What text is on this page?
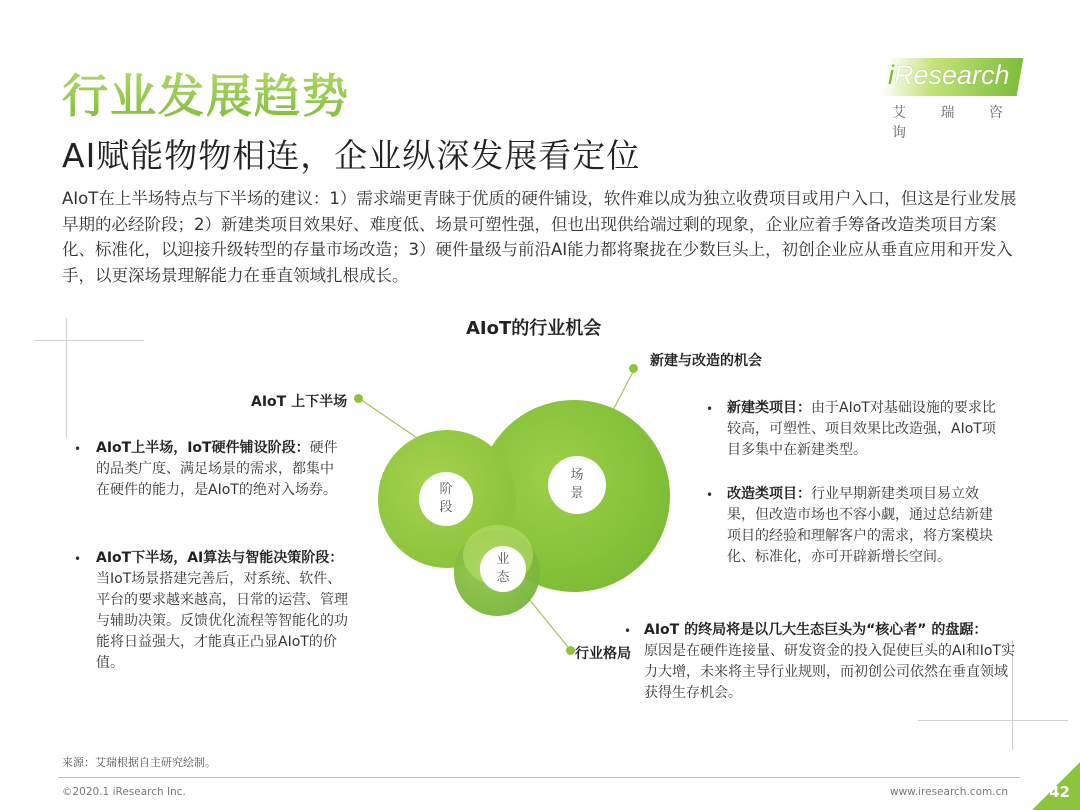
行业发展趋势
AI赋能物物相连，企业纵深发展看定位
iResearch
艾 瑞 咨 询
AIoT在上半场特点与下半场的建议：1）需求端更青睐于优质的硬件铺设，软件难以成为独立收费项目或用户入口，但这是行业发展早期的必经阶段；2）新建类项目效果好、难度低、场景可塑性强，但也出现供给端过剩的现象，企业应着手筹备改造类项目方案化、标准化，以迎接升级转型的存量市场改造；3）硬件量级与前沿AI能力都将聚拢在少数巨头上，初创企业应从垂直应用和开发入手，以更深场景理解能力在垂直领域扎根成长。
AIoT的行业机会
阶段
场景
业态
AIoT 上下半场
新建与改造的机会
行业格局
• AIoT上半场，IoT硬件铺设阶段：硬件的品类广度、满足场景的需求，都集中在硬件的能力，是AIoT的绝对入场券。
• AIoT下半场，AI算法与智能决策阶段：当IoT场景搭建完善后，对系统、软件、平台的要求越来越高，日常的运营、管理与辅助决策。反馈优化流程等智能化的功能将日益强大，才能真正凸显AIoT的价值。
• 新建类项目：由于AIoT对基础设施的要求比较高，可塑性、项目效果比改造强，AIoT项目多集中在新建类型。
• 改造类项目：行业早期新建类项目易立效果，但改造市场也不容小觑，通过总结新建项目的经验和理解客户的需求，将方案模块化、标准化，亦可开辟新增长空间。
• AIoT 的终局将是以几大生态巨头为“核心者” 的盘踞：
原因是在硬件连接量、研发资金的投入促使巨头的AI和IoT实力大增，未来将主导行业规则，而初创公司依然在垂直领域获得生存机会。
来源：艾瑞根据自主研究绘制。
©2020.1 iResearch Inc.	www.iresearch.com.cn	42
